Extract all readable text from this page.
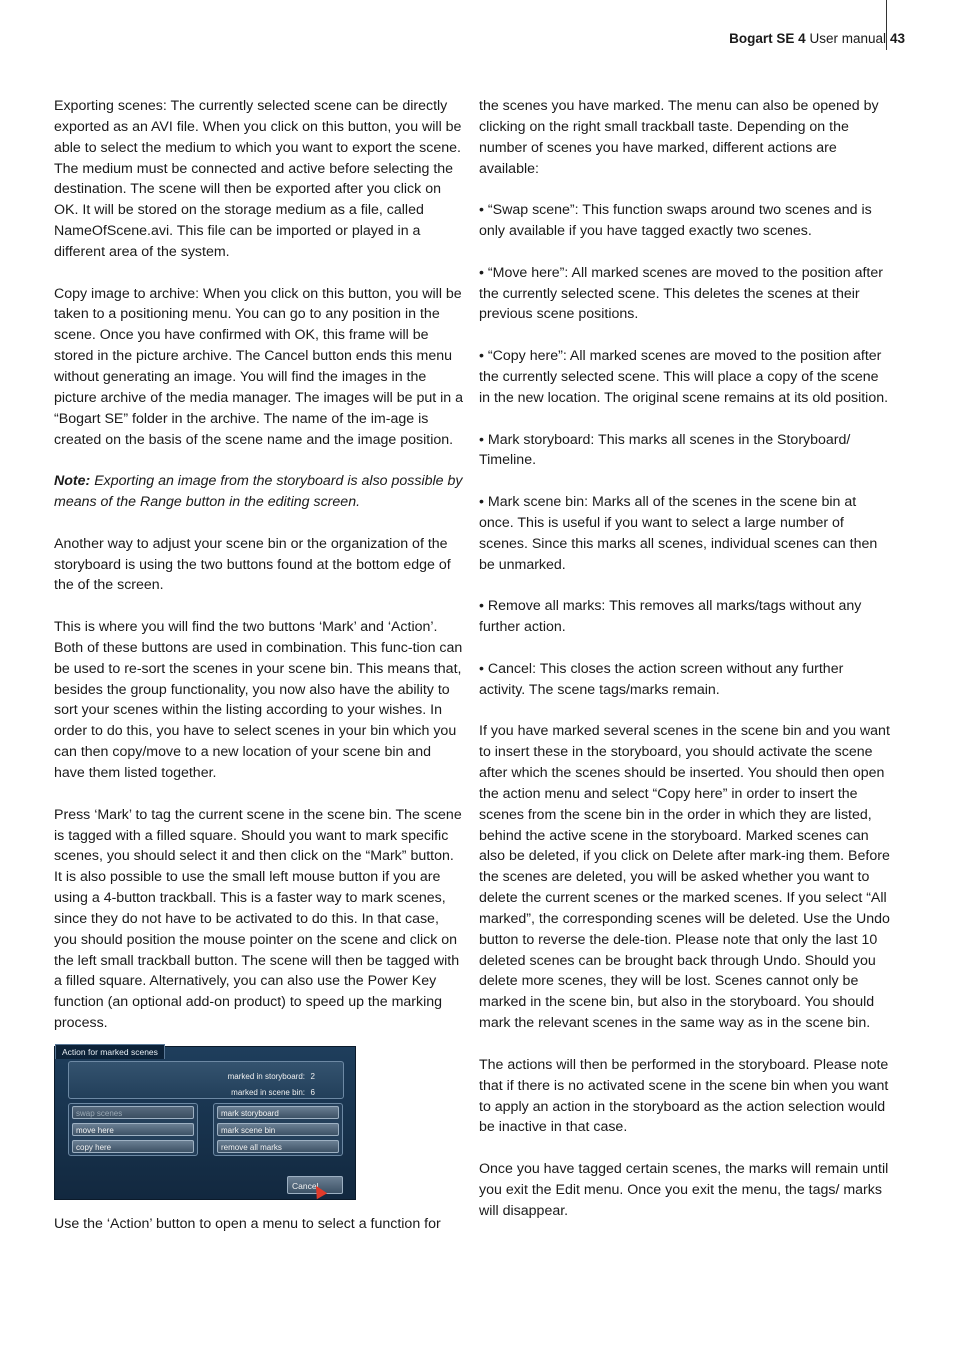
Bogart SE 4 User manual 43

Exporting scenes: The currently selected scene can be directly exported as an AVI file. When you click on this button, you will be able to select the medium to which you want to export the scene. The medium must be connected and active before selecting the destination. The scene will then be exported after you click on OK. It will be stored on the storage medium as a file, called NameOfScene.avi. This file can be imported or played in a different area of the system.

Copy image to archive: When you click on this button, you will be taken to a positioning menu. You can go to any position in the scene. Once you have confirmed with OK, this frame will be stored in the picture archive. The Cancel button ends this menu without generating an image. You will find the images in the picture archive of the media manager. The images will be put in a “Bogart SE” folder in the archive. The name of the im-age is created on the basis of the scene name and the image position.

Note: Exporting an image from the storyboard is also possible by means of the Range button in the editing screen.

Another way to adjust your scene bin or the organization of the storyboard is using the two buttons found at the bottom edge of the of the screen.

This is where you will find the two buttons ‘Mark’ and ‘Action’. Both of these buttons are used in combination. This func-tion can be used to re-sort the scenes in your scene bin. This means that, besides the group functionality, you now also have the ability to sort your scenes within the listing according to your wishes. In order to do this, you have to select scenes in your bin which you can then copy/move to a new location of your scene bin and have them listed together.

Press ‘Mark’ to tag the current scene in the scene bin. The scene is tagged with a filled square. Should you want to mark specific scenes, you should select it and then click on the “Mark” button. It is also possible to use the small left mouse button if you are using a 4-button trackball. This is a faster way to mark scenes, since they do not have to be activated to do this. In that case, you should position the mouse pointer on the scene and click on the left small trackball button. The scene will then be tagged with a filled square. Alternatively, you can also use the Power Key function (an optional add-on product) to speed up the marking process.

Action for marked scenes
marked in storyboard: 2
marked in scene bin: 6
swap scenes
move here
copy here
mark storyboard
mark scene bin
remove all marks
Cancel

Use the ‘Action’ button to open a menu to select a function for

the scenes you have marked. The menu can also be opened by clicking on the right small trackball taste. Depending on the number of scenes you have marked, different actions are available:

• “Swap scene”: This function swaps around two scenes and is only available if you have tagged exactly two scenes.

• “Move here”: All marked scenes are moved to the position after the currently selected scene. This deletes the scenes at their previous scene positions.

• “Copy here”: All marked scenes are moved to the position after the currently selected scene. This will place a copy of the scene in the new location. The original scene remains at its old position.

• Mark storyboard: This marks all scenes in the Storyboard/ Timeline.

• Mark scene bin: Marks all of the scenes in the scene bin at once. This is useful if you want to select a large number of scenes. Since this marks all scenes, individual scenes can then be unmarked.

• Remove all marks: This removes all marks/tags without any further action.

• Cancel: This closes the action screen without any further activity. The scene tags/marks remain.

If you have marked several scenes in the scene bin and you want to insert these in the storyboard, you should activate the scene after which the scenes should be inserted. You should then open the action menu and select “Copy here” in order to insert the scenes from the scene bin in the order in which they are listed, behind the active scene in the storyboard. Marked scenes can also be deleted, if you click on Delete after mark-ing them. Before the scenes are deleted, you will be asked whether you want to delete the current scenes or the marked scenes. If you select “All marked”, the corresponding scenes will be deleted. Use the Undo button to reverse the dele-tion. Please note that only the last 10 deleted scenes can be brought back through Undo. Should you delete more scenes, they will be lost. Scenes cannot only be marked in the scene bin, but also in the storyboard. You should mark the relevant scenes in the same way as in the scene bin.

The actions will then be performed in the storyboard. Please note that if there is no activated scene in the scene bin when you want to apply an action in the storyboard as the action selection would be inactive in that case.

Once you have tagged certain scenes, the marks will remain until you exit the Edit menu. Once you exit the menu, the tags/ marks will disappear.
